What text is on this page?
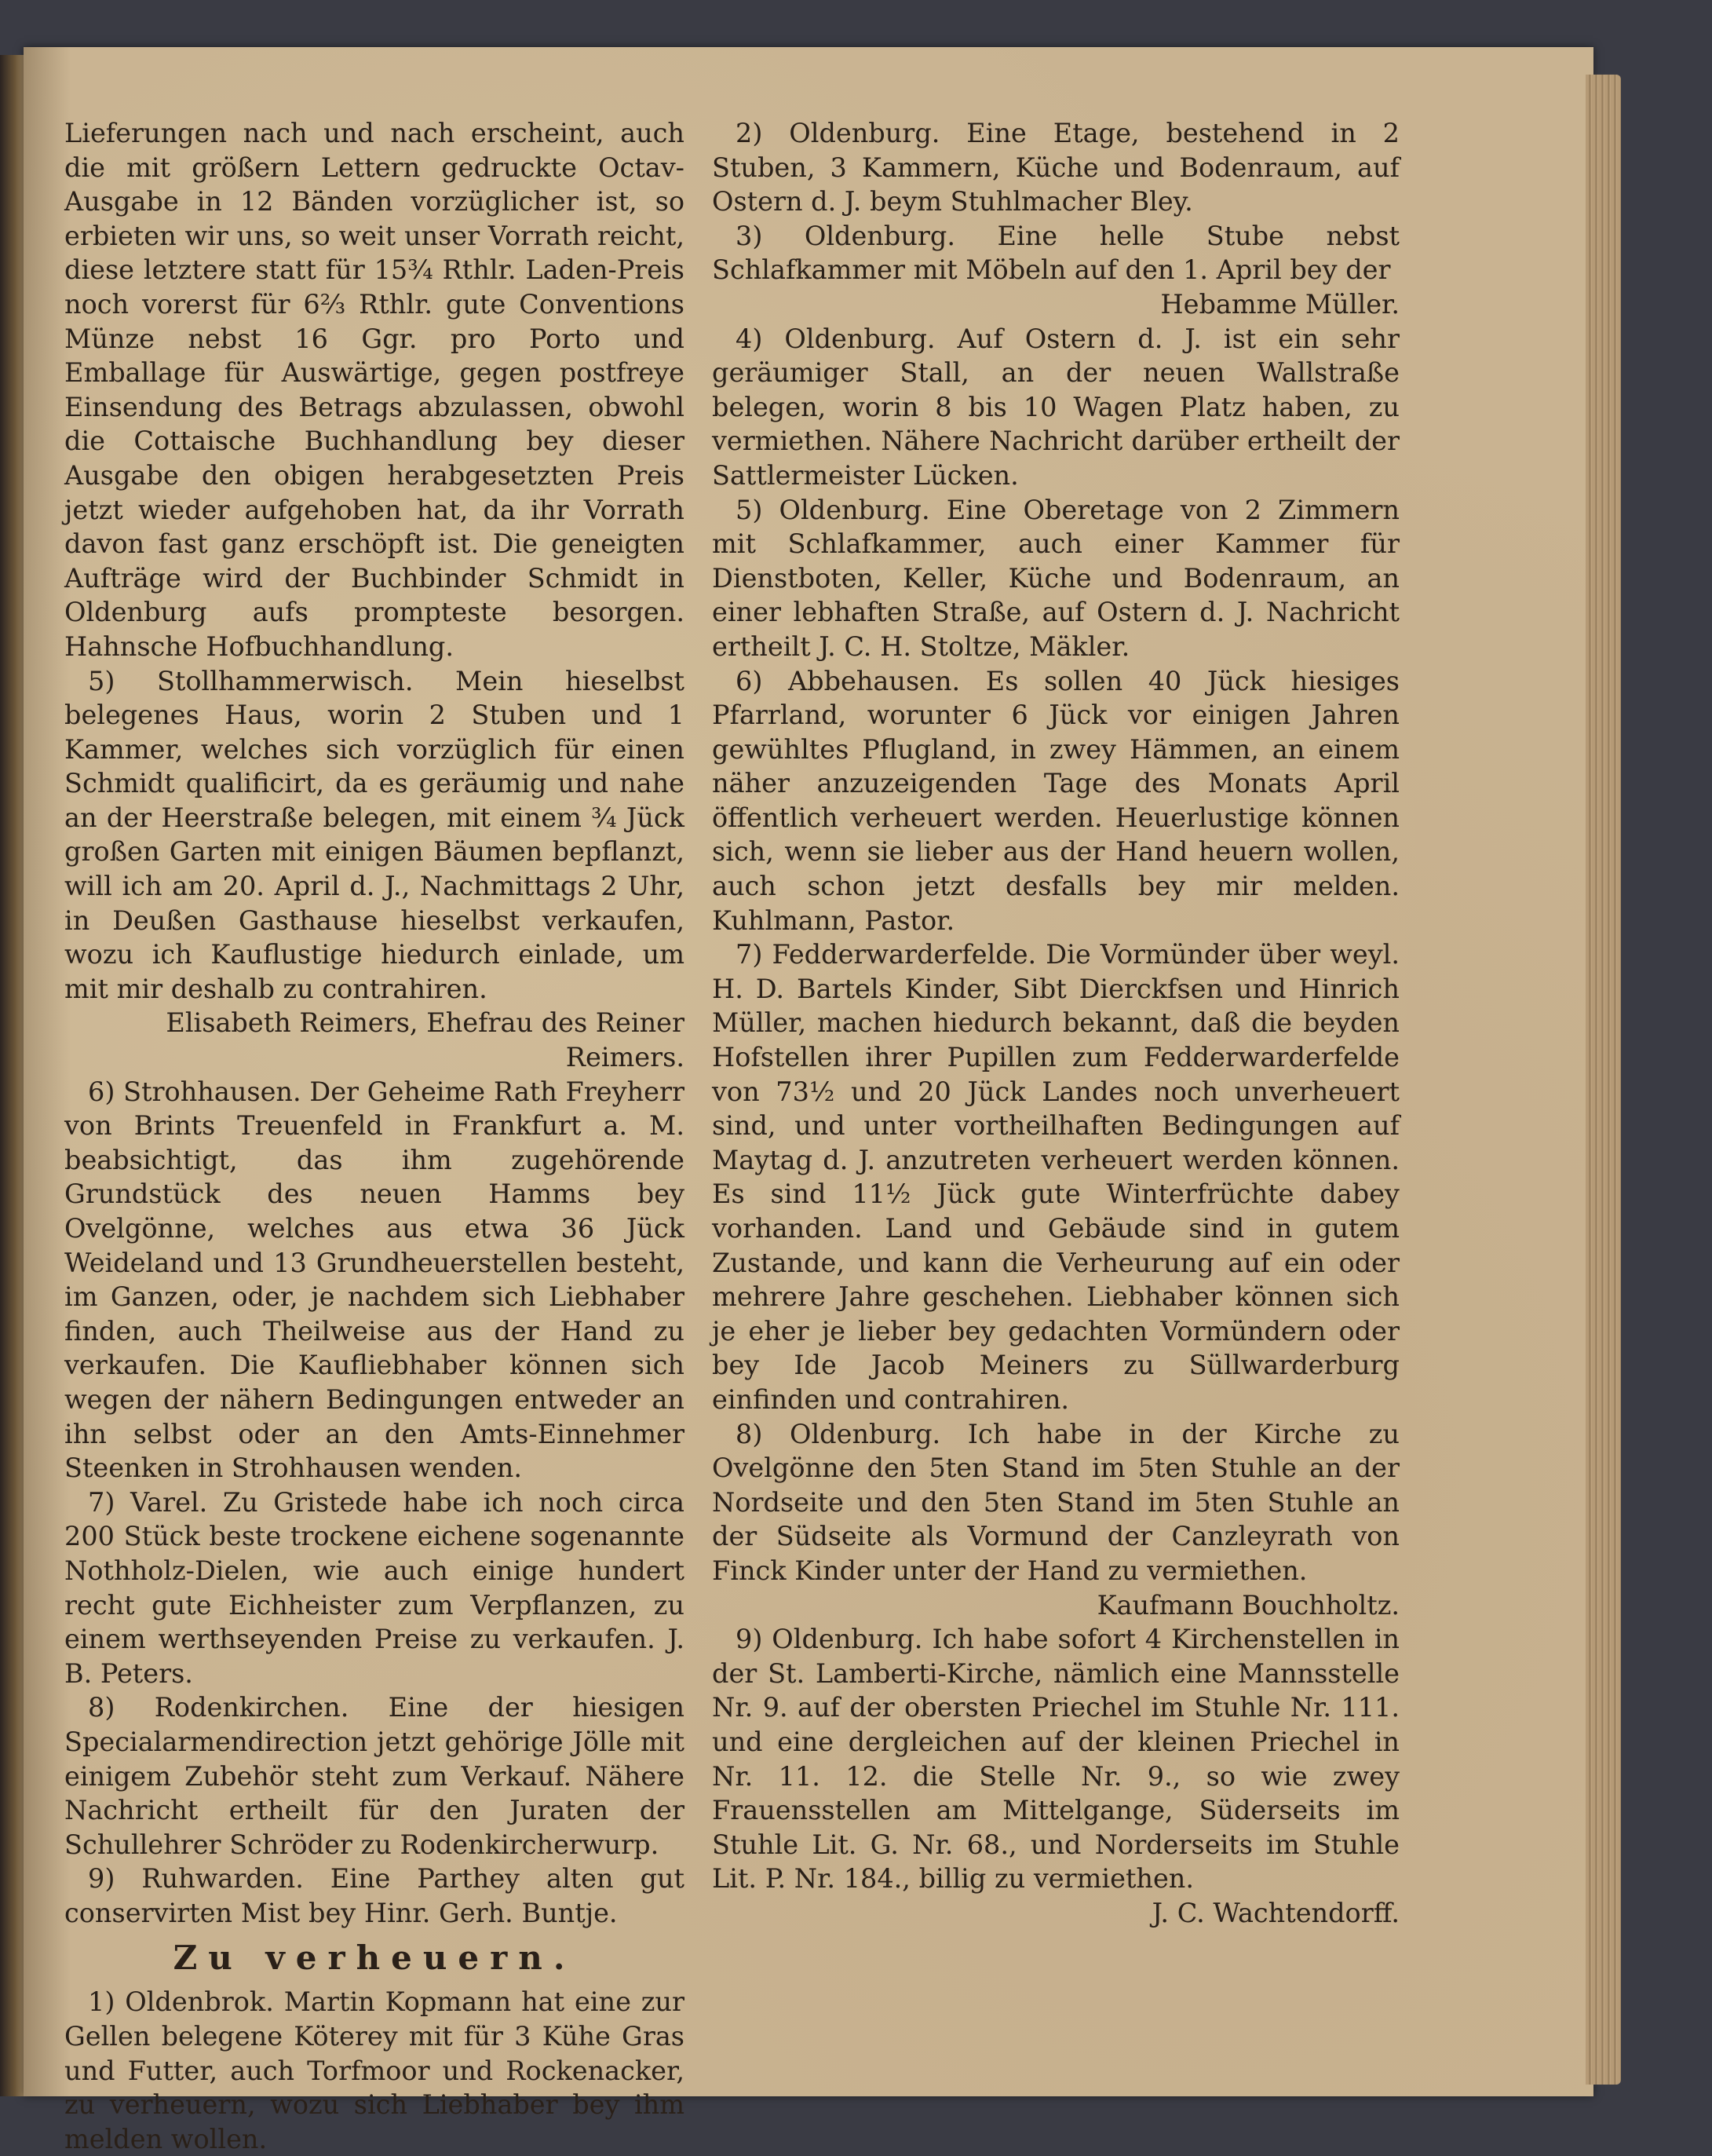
Lieferungen nach und nach erscheint, auch die mit größern Lettern gedruckte Octav-Ausgabe in 12 Bänden vorzüglicher ist, so erbieten wir uns, so weit unser Vorrath reicht, diese letztere statt für 15¾ Rthlr. Laden-Preis noch vorerst für 6⅔ Rthlr. gute Conventions Münze nebst 16 Ggr. pro Porto und Emballage für Auswärtige, gegen postfreye Einsendung des Betrags abzulassen, obwohl die Cottaische Buchhandlung bey dieser Ausgabe den obigen herabgesetzten Preis jetzt wieder aufgehoben hat, da ihr Vorrath davon fast ganz erschöpft ist. Die geneigten Aufträge wird der Buchbinder Schmidt in Oldenburg aufs prompteste besorgen. Hahnsche Hofbuchhandlung.

5) Stollhammerwisch. Mein hieselbst belegenes Haus, worin 2 Stuben und 1 Kammer, welches sich vorzüglich für einen Schmidt qualificirt, da es geräumig und nahe an der Heerstraße belegen, mit einem ¾ Jück großen Garten mit einigen Bäumen bepflanzt, will ich am 20. April d. J., Nachmittags 2 Uhr, in Deußen Gasthause hieselbst verkaufen, wozu ich Kauflustige hiedurch einlade, um mit mir deshalb zu contrahiren.

Elisabeth Reimers, Ehefrau des Reiner Reimers.

6) Strohhausen. Der Geheime Rath Freyherr von Brints Treuenfeld in Frankfurt a. M. beabsichtigt, das ihm zugehörende Grundstück des neuen Hamms bey Ovelgönne, welches aus etwa 36 Jück Weideland und 13 Grundheuerstellen besteht, im Ganzen, oder, je nachdem sich Liebhaber finden, auch Theilweise aus der Hand zu verkaufen. Die Kaufliebhaber können sich wegen der nähern Bedingungen entweder an ihn selbst oder an den Amts-Einnehmer Steenken in Strohhausen wenden.

7) Varel. Zu Gristede habe ich noch circa 200 Stück beste trockene eichene sogenannte Nothholz-Dielen, wie auch einige hundert recht gute Eichheister zum Verpflanzen, zu einem werthseyenden Preise zu verkaufen. J. B. Peters.

8) Rodenkirchen. Eine der hiesigen Specialarmendirection jetzt gehörige Jölle mit einigem Zubehör steht zum Verkauf. Nähere Nachricht ertheilt für den Juraten der Schullehrer Schröder zu Rodenkircherwurp.

9) Ruhwarden. Eine Parthey alten gut conservirten Mist bey Hinr. Gerh. Buntje.

Zu verheuern.

1) Oldenbrok. Martin Kopmann hat eine zur Gellen belegene Köterey mit für 3 Kühe Gras und Futter, auch Torfmoor und Rockenacker, zu verheuern, wozu sich Liebhaber bey ihm melden wollen.

2) Oldenburg. Eine Etage, bestehend in 2 Stuben, 3 Kammern, Küche und Bodenraum, auf Ostern d. J. beym Stuhlmacher Bley.

3) Oldenburg. Eine helle Stube nebst Schlafkammer mit Möbeln auf den 1. April bey der

Hebamme Müller.

4) Oldenburg. Auf Ostern d. J. ist ein sehr geräumiger Stall, an der neuen Wallstraße belegen, worin 8 bis 10 Wagen Platz haben, zu vermiethen. Nähere Nachricht darüber ertheilt der Sattlermeister Lücken.

5) Oldenburg. Eine Oberetage von 2 Zimmern mit Schlafkammer, auch einer Kammer für Dienstboten, Keller, Küche und Bodenraum, an einer lebhaften Straße, auf Ostern d. J. Nachricht ertheilt J. C. H. Stoltze, Mäkler.

6) Abbehausen. Es sollen 40 Jück hiesiges Pfarrland, worunter 6 Jück vor einigen Jahren gewühltes Pflugland, in zwey Hämmen, an einem näher anzuzeigenden Tage des Monats April öffentlich verheuert werden. Heuerlustige können sich, wenn sie lieber aus der Hand heuern wollen, auch schon jetzt desfalls bey mir melden. Kuhlmann, Pastor.

7) Fedderwarderfelde. Die Vormünder über weyl. H. D. Bartels Kinder, Sibt Dierckfsen und Hinrich Müller, machen hiedurch bekannt, daß die beyden Hofstellen ihrer Pupillen zum Fedderwarderfelde von 73½ und 20 Jück Landes noch unverheuert sind, und unter vortheilhaften Bedingungen auf Maytag d. J. anzutreten verheuert werden können. Es sind 11½ Jück gute Winterfrüchte dabey vorhanden. Land und Gebäude sind in gutem Zustande, und kann die Verheurung auf ein oder mehrere Jahre geschehen. Liebhaber können sich je eher je lieber bey gedachten Vormündern oder bey Ide Jacob Meiners zu Süllwarderburg einfinden und contrahiren.

8) Oldenburg. Ich habe in der Kirche zu Ovelgönne den 5ten Stand im 5ten Stuhle an der Nordseite und den 5ten Stand im 5ten Stuhle an der Südseite als Vormund der Canzleyrath von Finck Kinder unter der Hand zu vermiethen.

Kaufmann Bouchholtz.

9) Oldenburg. Ich habe sofort 4 Kirchenstellen in der St. Lamberti-Kirche, nämlich eine Mannsstelle Nr. 9. auf der obersten Priechel im Stuhle Nr. 111. und eine dergleichen auf der kleinen Priechel in Nr. 11. 12. die Stelle Nr. 9., so wie zwey Frauensstellen am Mittelgange, Süderseits im Stuhle Lit. G. Nr. 68., und Norderseits im Stuhle Lit. P. Nr. 184., billig zu vermiethen.

J. C. Wachtendorff.
